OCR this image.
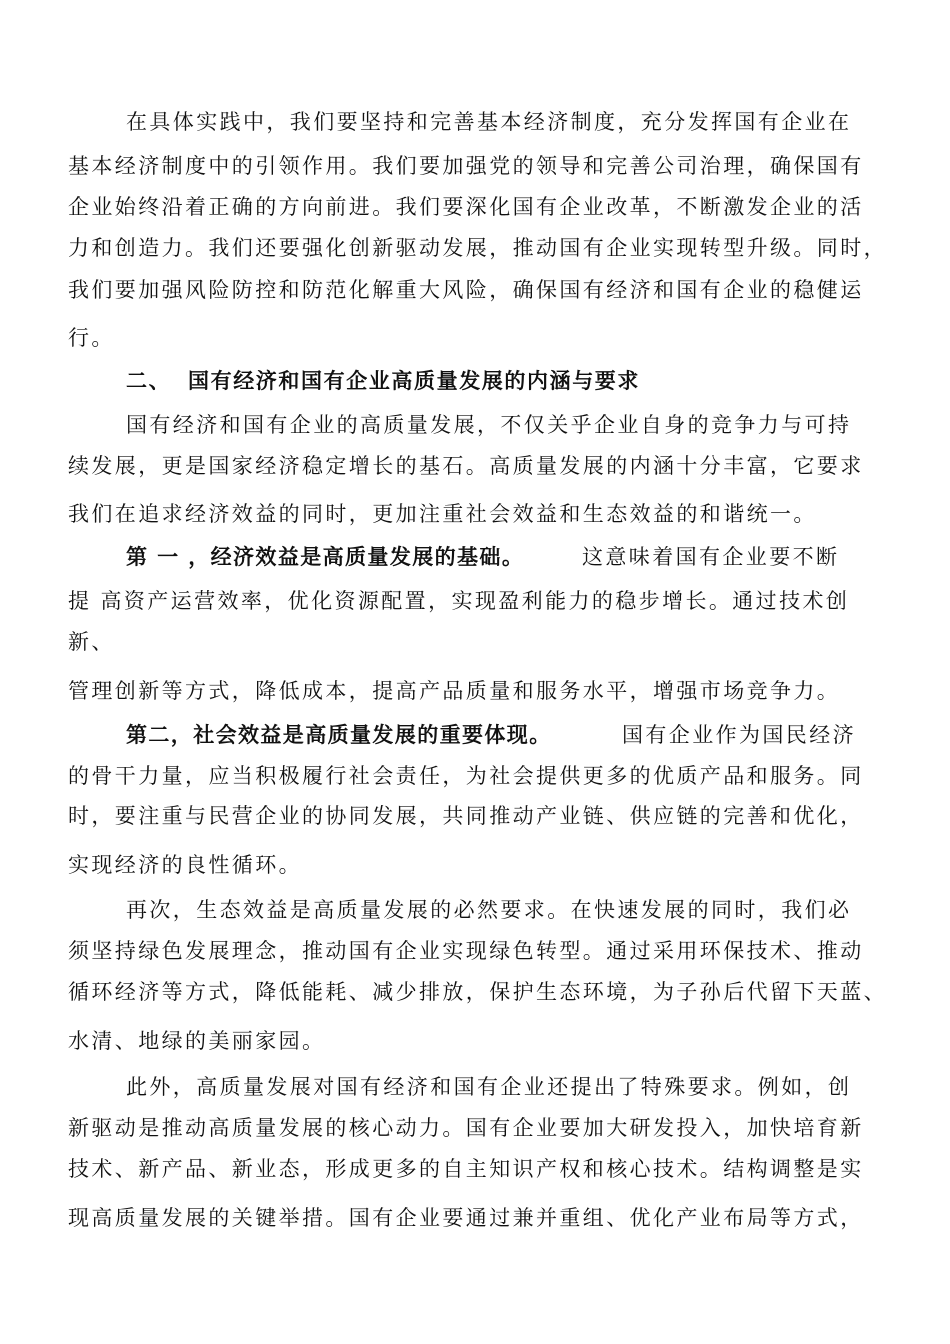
在具体实践中，我们要坚持和完善基本经济制度，充分发挥国有企业在
基本经济制度中的引领作用。我们要加强党的领导和完善公司治理，确保国有
企业始终沿着正确的方向前进。我们要深化国有企业改革，不断激发企业的活
力和创造力。我们还要强化创新驱动发展，推动国有企业实现转型升级。同时，
我们要加强风险防控和防范化解重大风险，确保国有经济和国有企业的稳健运
行。
二、 国有经济和国有企业高质量发展的内涵与要求
国有经济和国有企业的高质量发展，不仅关乎企业自身的竞争力与可持
续发展，更是国家经济稳定增长的基石。高质量发展的内涵十分丰富，它要求
我们在追求经济效益的同时，更加注重社会效益和生态效益的和谐统一。
第 一 ，经济效益是高质量发展的基础。	这意味着国有企业要不断
提 高资产运营效率，优化资源配置，实现盈利能力的稳步增长。通过技术创
新、
管理创新等方式，降低成本，提高产品质量和服务水平，增强市场竞争力。
第二，社会效益是高质量发展的重要体现。	国有企业作为国民经济
的骨干力量，应当积极履行社会责任，为社会提供更多的优质产品和服务。同
时，要注重与民营企业的协同发展，共同推动产业链、供应链的完善和优化，
实现经济的良性循环。
再次，生态效益是高质量发展的必然要求。在快速发展的同时，我们必
须坚持绿色发展理念，推动国有企业实现绿色转型。通过采用环保技术、推动
循环经济等方式，降低能耗、减少排放，保护生态环境，为子孙后代留下天蓝、
水清、地绿的美丽家园。
此外，高质量发展对国有经济和国有企业还提出了特殊要求。例如，创
新驱动是推动高质量发展的核心动力。国有企业要加大研发投入，加快培育新
技术、新产品、新业态，形成更多的自主知识产权和核心技术。结构调整是实
现高质量发展的关键举措。国有企业要通过兼并重组、优化产业布局等方式，
